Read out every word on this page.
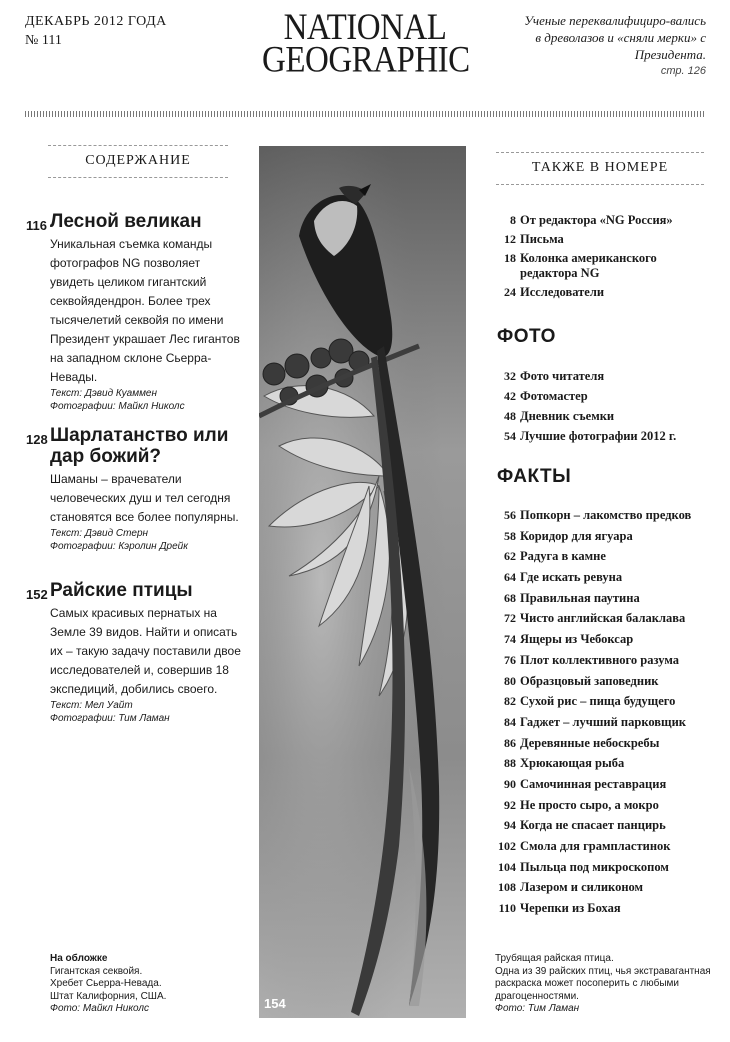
ДЕКАБРЬ 2012 ГОДА
№ 111	NATIONAL
GEOGRAPHIC
Ученые переквалифициро-вались в древолазов и «сняли мерки» с Президента.
стр. 126
СОДЕРЖАНИЕ
116 Лесной великан
Уникальная съемка команды фотографов NG позволяет увидеть целиком гигантский секвойядендрон. Более трех тысячелетий секвойя по имени Президент украшает Лес гигантов на западном склоне Сьерра-Невады.
Текст: Дэвид Куаммен
Фотографии: Майкл Николс
128 Шарлатанство или дар божий?
Шаманы – врачеватели человеческих душ и тел сегодня становятся все более популярны.
Текст: Дэвид Стерн
Фотографии: Кэролин Дрейк
152 Райские птицы
Самых красивых пернатых на Земле 39 видов. Найти и описать их – такую задачу поставили двое исследователей и, совершив 18 экспедиций, добились своего.
Текст: Мел Уайт
Фотографии: Тим Ламан
154
ТАКЖЕ В НОМЕРЕ
8 От редактора «NG Россия»
12 Письма
18 Колонка американского редактора NG
24 Исследователи
ФОТО
32 Фото читателя
42 Фотомастер
48 Дневник съемки
54 Лучшие фотографии 2012 г.
ФАКТЫ
56 Попкорн – лакомство предков
58 Коридор для ягуара
62 Радуга в камне
64 Где искать ревуна
68 Правильная паутина
72 Чисто английская балаклава
74 Ящеры из Чебоксар
76 Плот коллективного разума
80 Образцовый заповедник
82 Сухой рис – пища будущего
84 Гаджет – лучший парковщик
86 Деревянные небоскребы
88 Хрюкающая рыба
90 Самочинная реставрация
92 Не просто сыро, а мокро
94 Когда не спасает панцирь
102 Смола для грампластинок
104 Пыльца под микроскопом
108 Лазером и силиконом
110 Черепки из Бохая
На обложке
Гигантская секвойя.
Хребет Сьерра-Невада.
Штат Калифорния, США.
Фото: Майкл Николс
Трубящая райская птица.
Одна из 39 райских птиц, чья экстравагантная раскраска может посоперить с любыми драгоценностями.
Фото: Тим Ламан
